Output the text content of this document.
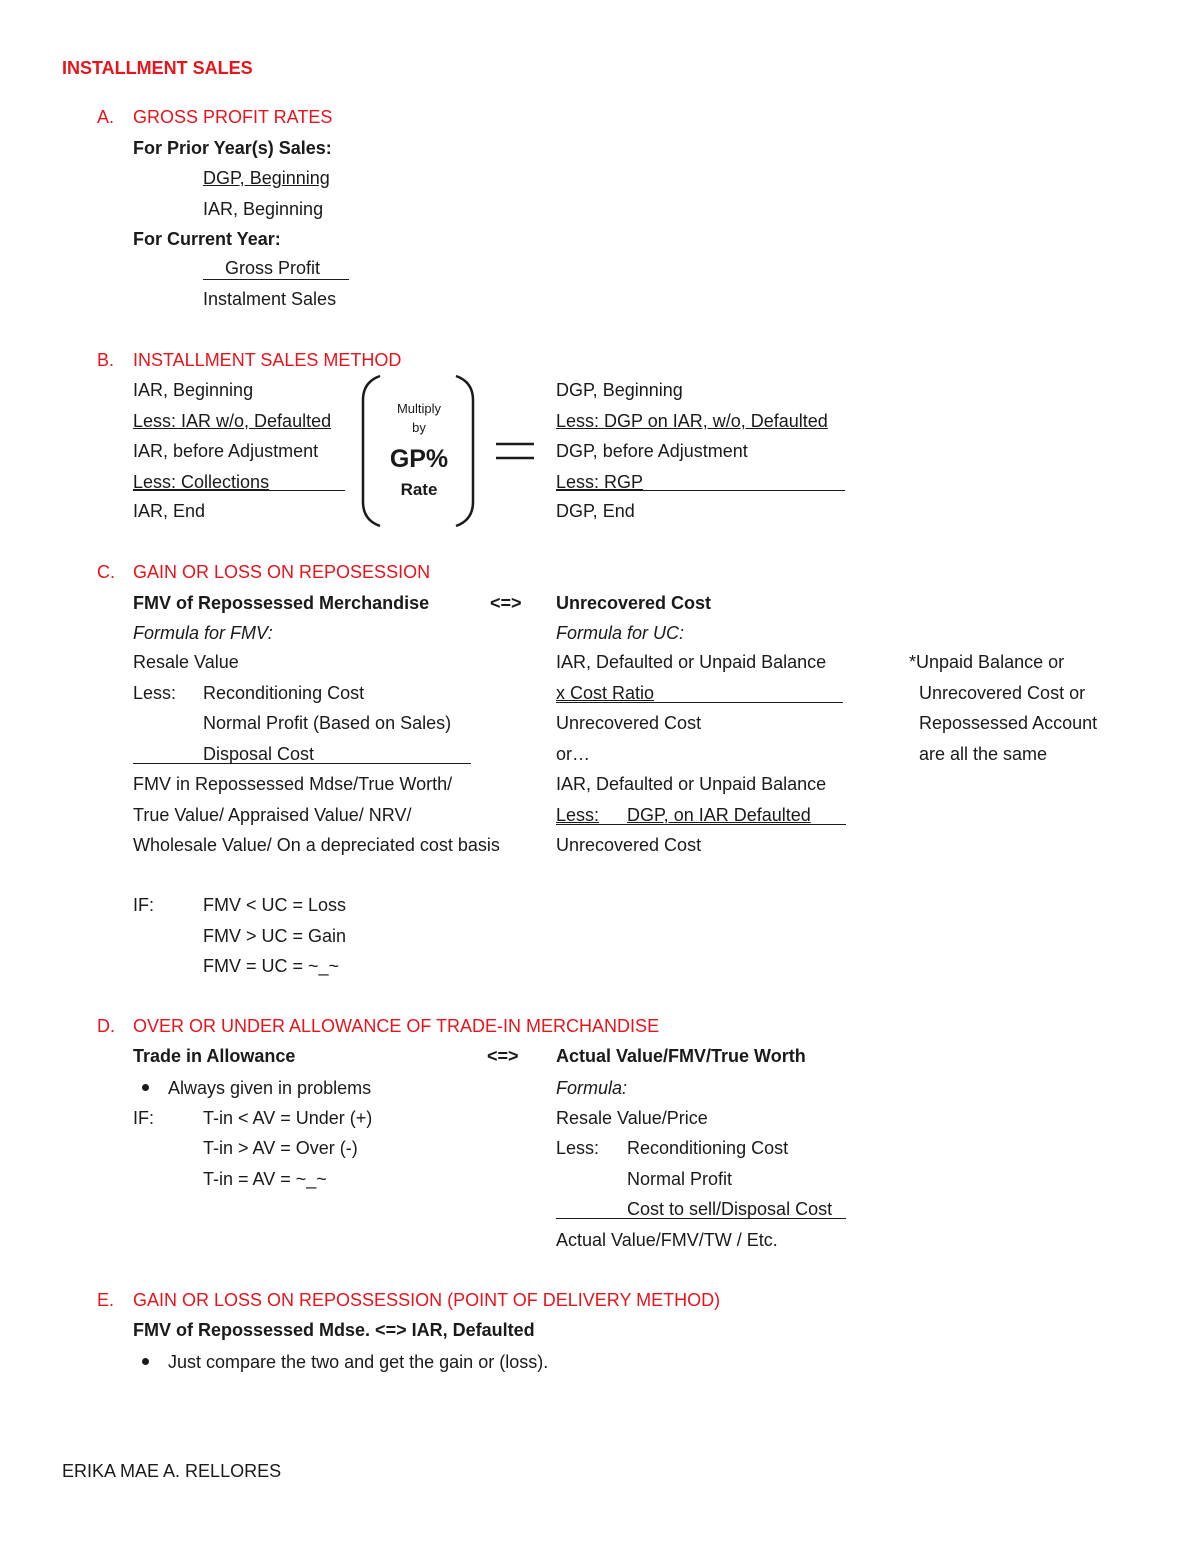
INSTALLMENT SALES
A. GROSS PROFIT RATES
For Prior Year(s) Sales:
DGP, Beginning
IAR, Beginning
For Current Year:
Gross Profit
Instalment Sales
B. INSTALLMENT SALES METHOD
IAR, Beginning
Less: IAR w/o, Defaulted
IAR, before Adjustment
Less: Collections
IAR, End
Multiply
by
GP%
Rate
DGP, Beginning
Less: DGP on IAR, w/o, Defaulted
DGP, before Adjustment
Less: RGP
DGP, End
C. GAIN OR LOSS ON REPOSESSION
FMV of Repossessed Merchandise	<=> Unrecovered Cost
Formula for FMV:
Resale Value
Less: Reconditioning Cost
Normal Profit (Based on Sales)
Disposal Cost
FMV in Repossessed Mdse/True Worth/
True Value/ Appraised Value/ NRV/
Wholesale Value/ On a depreciated cost basis
Formula for UC:
IAR, Defaulted or Unpaid Balance
x Cost Ratio
Unrecovered Cost
or…
IAR, Defaulted or Unpaid Balance
Less: DGP, on IAR Defaulted
Unrecovered Cost
*Unpaid Balance or
Unrecovered Cost or
Repossessed Account
are all the same
IF:	FMV < UC = Loss
FMV > UC = Gain
FMV = UC = ~_~
D. OVER OR UNDER ALLOWANCE OF TRADE-IN MERCHANDISE
Trade in Allowance	<=> Actual Value/FMV/True Worth
Always given in problems
IF:	T-in < AV = Under (+)
T-in > AV = Over (-)
T-in = AV = ~_~
Formula:
Resale Value/Price
Less: Reconditioning Cost
Normal Profit
Cost to sell/Disposal Cost
Actual Value/FMV/TW / Etc.
E. GAIN OR LOSS ON REPOSSESSION (POINT OF DELIVERY METHOD)
FMV of Repossessed Mdse. <=> IAR, Defaulted
Just compare the two and get the gain or (loss).
ERIKA MAE A. RELLORES
